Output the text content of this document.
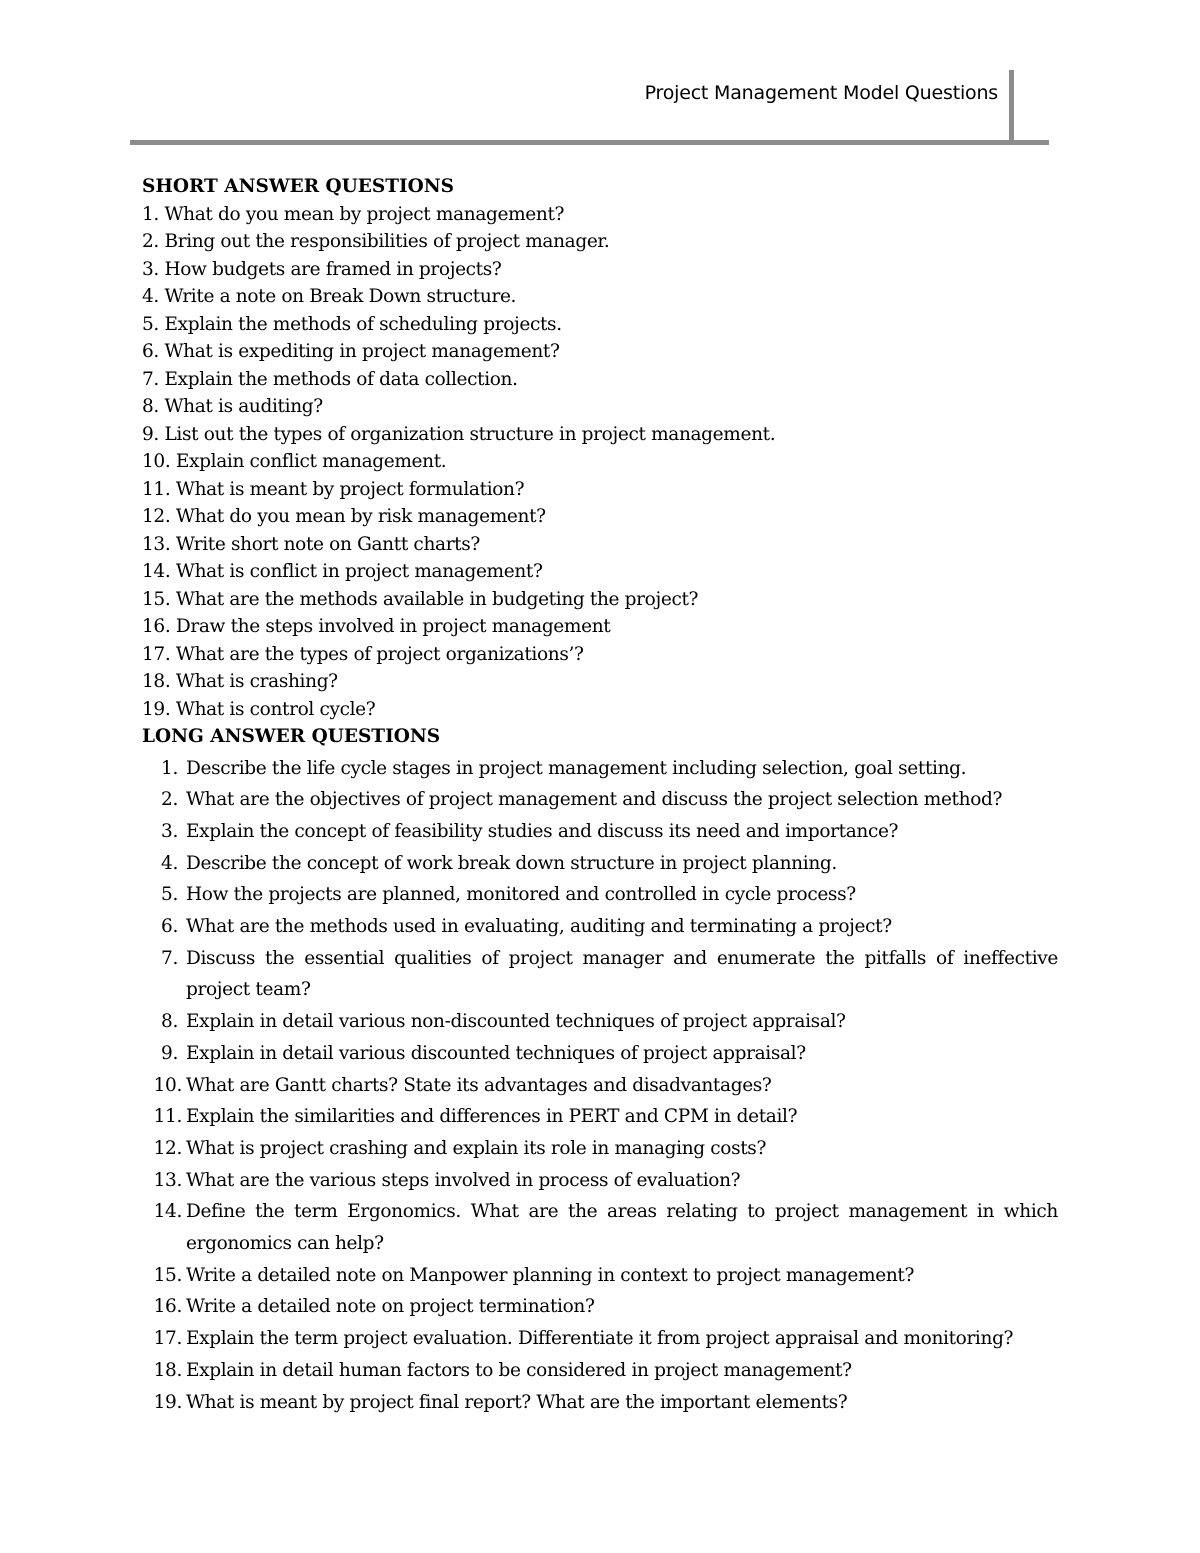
Project Management Model Questions
SHORT ANSWER QUESTIONS
1. What do you mean by project management?
2. Bring out the responsibilities of project manager.
3. How budgets are framed in projects?
4. Write a note on Break Down structure.
5. Explain the methods of scheduling projects.
6. What is expediting in project management?
7. Explain the methods of data collection.
8. What is auditing?
9. List out the types of organization structure in project management.
10. Explain conflict management.
11. What is meant by project formulation?
12. What do you mean by risk management?
13. Write short note on Gantt charts?
14. What is conflict in project management?
15. What are the methods available in budgeting the project?
16. Draw the steps involved in project management
17. What are the types of project organizations’?
18. What is crashing?
19. What is control cycle?
LONG ANSWER QUESTIONS
1. Describe the life cycle stages in project management including selection, goal setting.
2. What are the objectives of project management and discuss the project selection method?
3. Explain the concept of feasibility studies and discuss its need and importance?
4. Describe the concept of work break down structure in project planning.
5. How the projects are planned, monitored and controlled in cycle process?
6. What are the methods used in evaluating, auditing and terminating a project?
7. Discuss the essential qualities of project manager and enumerate the pitfalls of ineffective project team?
8. Explain in detail various non-discounted techniques of project appraisal?
9. Explain in detail various discounted techniques of project appraisal?
10. What are Gantt charts? State its advantages and disadvantages?
11. Explain the similarities and differences in PERT and CPM in detail?
12. What is project crashing and explain its role in managing costs?
13. What are the various steps involved in process of evaluation?
14. Define the term Ergonomics. What are the areas relating to project management in which ergonomics can help?
15. Write a detailed note on Manpower planning in context to project management?
16. Write a detailed note on project termination?
17. Explain the term project evaluation. Differentiate it from project appraisal and monitoring?
18. Explain in detail human factors to be considered in project management?
19. What is meant by project final report? What are the important elements?
